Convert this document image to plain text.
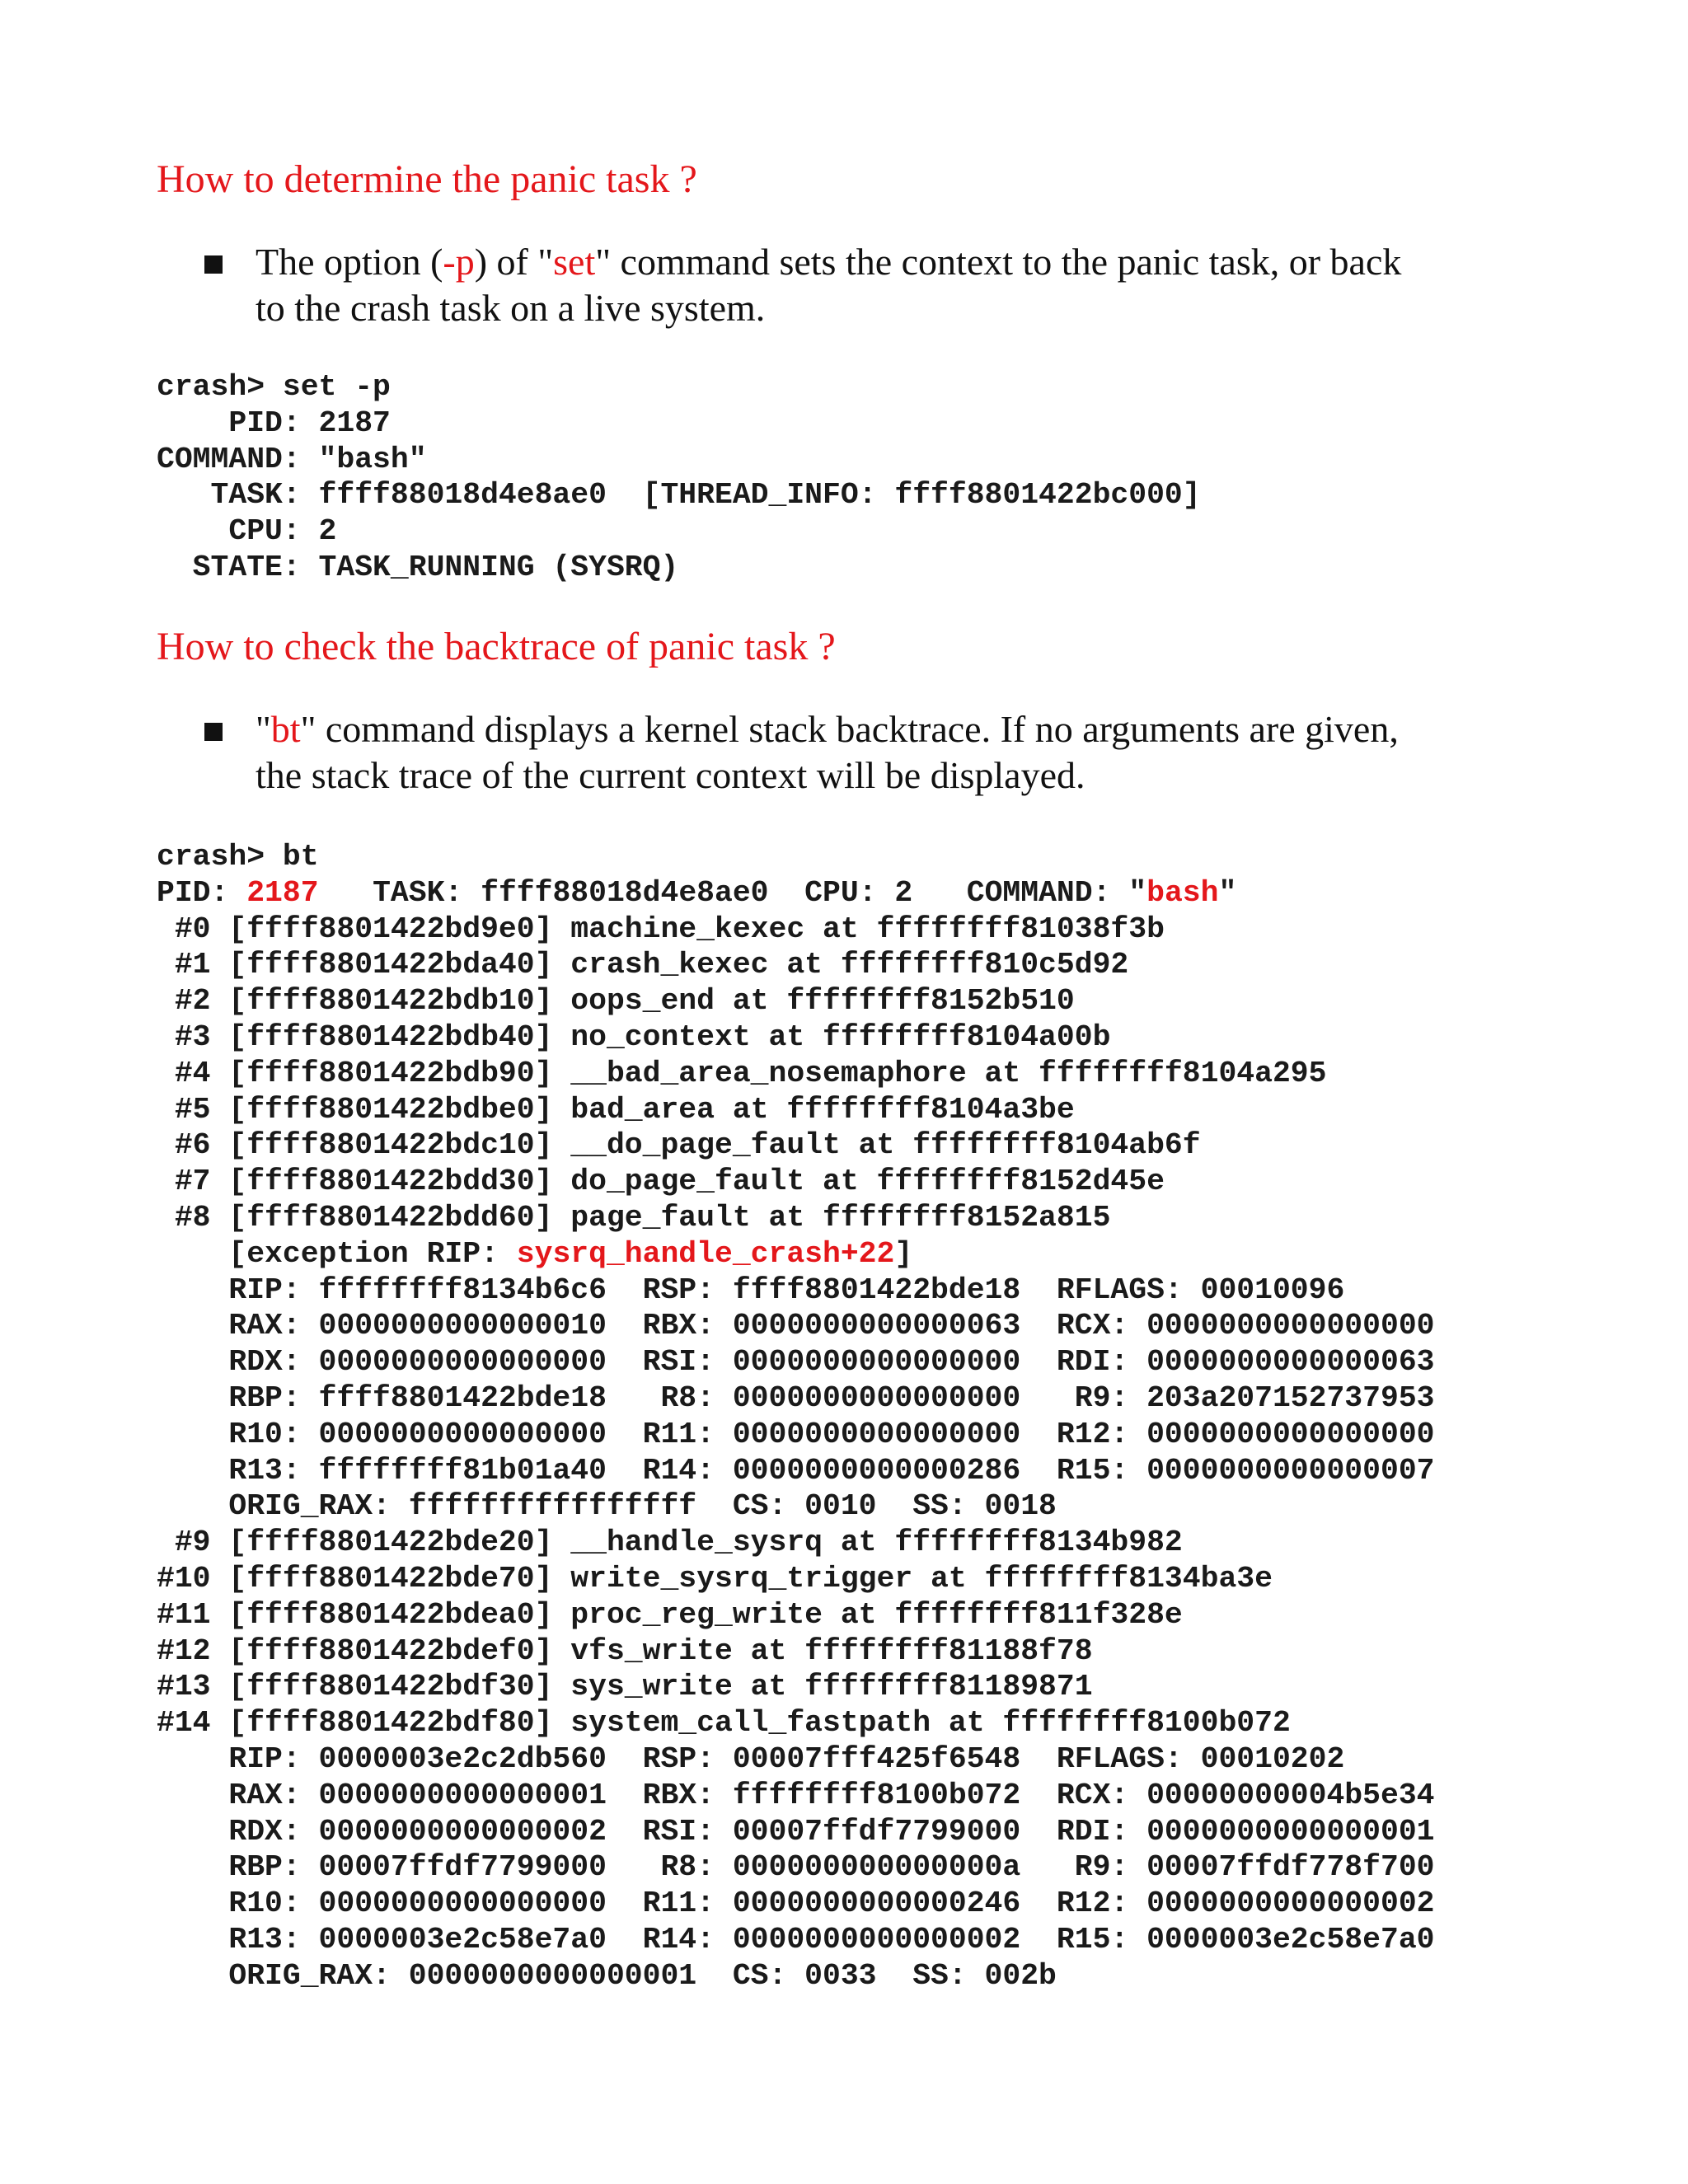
How to determine the panic task ?

The option (-p) of "set" command sets the context to the panic task, or back
to the crash task on a live system.

crash> set -p
PID: 2187
COMMAND: "bash"
TASK: ffff88018d4e8ae0  [THREAD_INFO: ffff8801422bc000]
CPU: 2
STATE: TASK_RUNNING (SYSRQ)
How to check the backtrace of panic task ?

"bt" command displays a kernel stack backtrace. If no arguments are given,
the stack trace of the current context will be displayed.

crash> bt
PID: 2187   TASK: ffff88018d4e8ae0  CPU: 2   COMMAND: "bash"
#0 [ffff8801422bd9e0] machine_kexec at ffffffff81038f3b
#1 [ffff8801422bda40] crash_kexec at ffffffff810c5d92
#2 [ffff8801422bdb10] oops_end at ffffffff8152b510
#3 [ffff8801422bdb40] no_context at ffffffff8104a00b
#4 [ffff8801422bdb90] __bad_area_nosemaphore at ffffffff8104a295
#5 [ffff8801422bdbe0] bad_area at ffffffff8104a3be
#6 [ffff8801422bdc10] __do_page_fault at ffffffff8104ab6f
#7 [ffff8801422bdd30] do_page_fault at ffffffff8152d45e
#8 [ffff8801422bdd60] page_fault at ffffffff8152a815
[exception RIP: sysrq_handle_crash+22]
RIP: ffffffff8134b6c6  RSP: ffff8801422bde18  RFLAGS: 00010096
RAX: 0000000000000010  RBX: 0000000000000063  RCX: 0000000000000000
RDX: 0000000000000000  RSI: 0000000000000000  RDI: 0000000000000063
RBP: ffff8801422bde18   R8: 0000000000000000   R9: 203a207152737953
R10: 0000000000000000  R11: 0000000000000000  R12: 0000000000000000
R13: ffffffff81b01a40  R14: 0000000000000286  R15: 0000000000000007
ORIG_RAX: ffffffffffffffff  CS: 0010  SS: 0018
#9 [ffff8801422bde20] __handle_sysrq at ffffffff8134b982
#10 [ffff8801422bde70] write_sysrq_trigger at ffffffff8134ba3e
#11 [ffff8801422bdea0] proc_reg_write at ffffffff811f328e
#12 [ffff8801422bdef0] vfs_write at ffffffff81188f78
#13 [ffff8801422bdf30] sys_write at ffffffff81189871
#14 [ffff8801422bdf80] system_call_fastpath at ffffffff8100b072
RIP: 0000003e2c2db560  RSP: 00007fff425f6548  RFLAGS: 00010202
RAX: 0000000000000001  RBX: ffffffff8100b072  RCX: 00000000004b5e34
RDX: 0000000000000002  RSI: 00007ffdf7799000  RDI: 0000000000000001
RBP: 00007ffdf7799000   R8: 000000000000000a   R9: 00007ffdf778f700
R10: 0000000000000000  R11: 0000000000000246  R12: 0000000000000002
R13: 0000003e2c58e7a0  R14: 0000000000000002  R15: 0000003e2c58e7a0
ORIG_RAX: 0000000000000001  CS: 0033  SS: 002b
